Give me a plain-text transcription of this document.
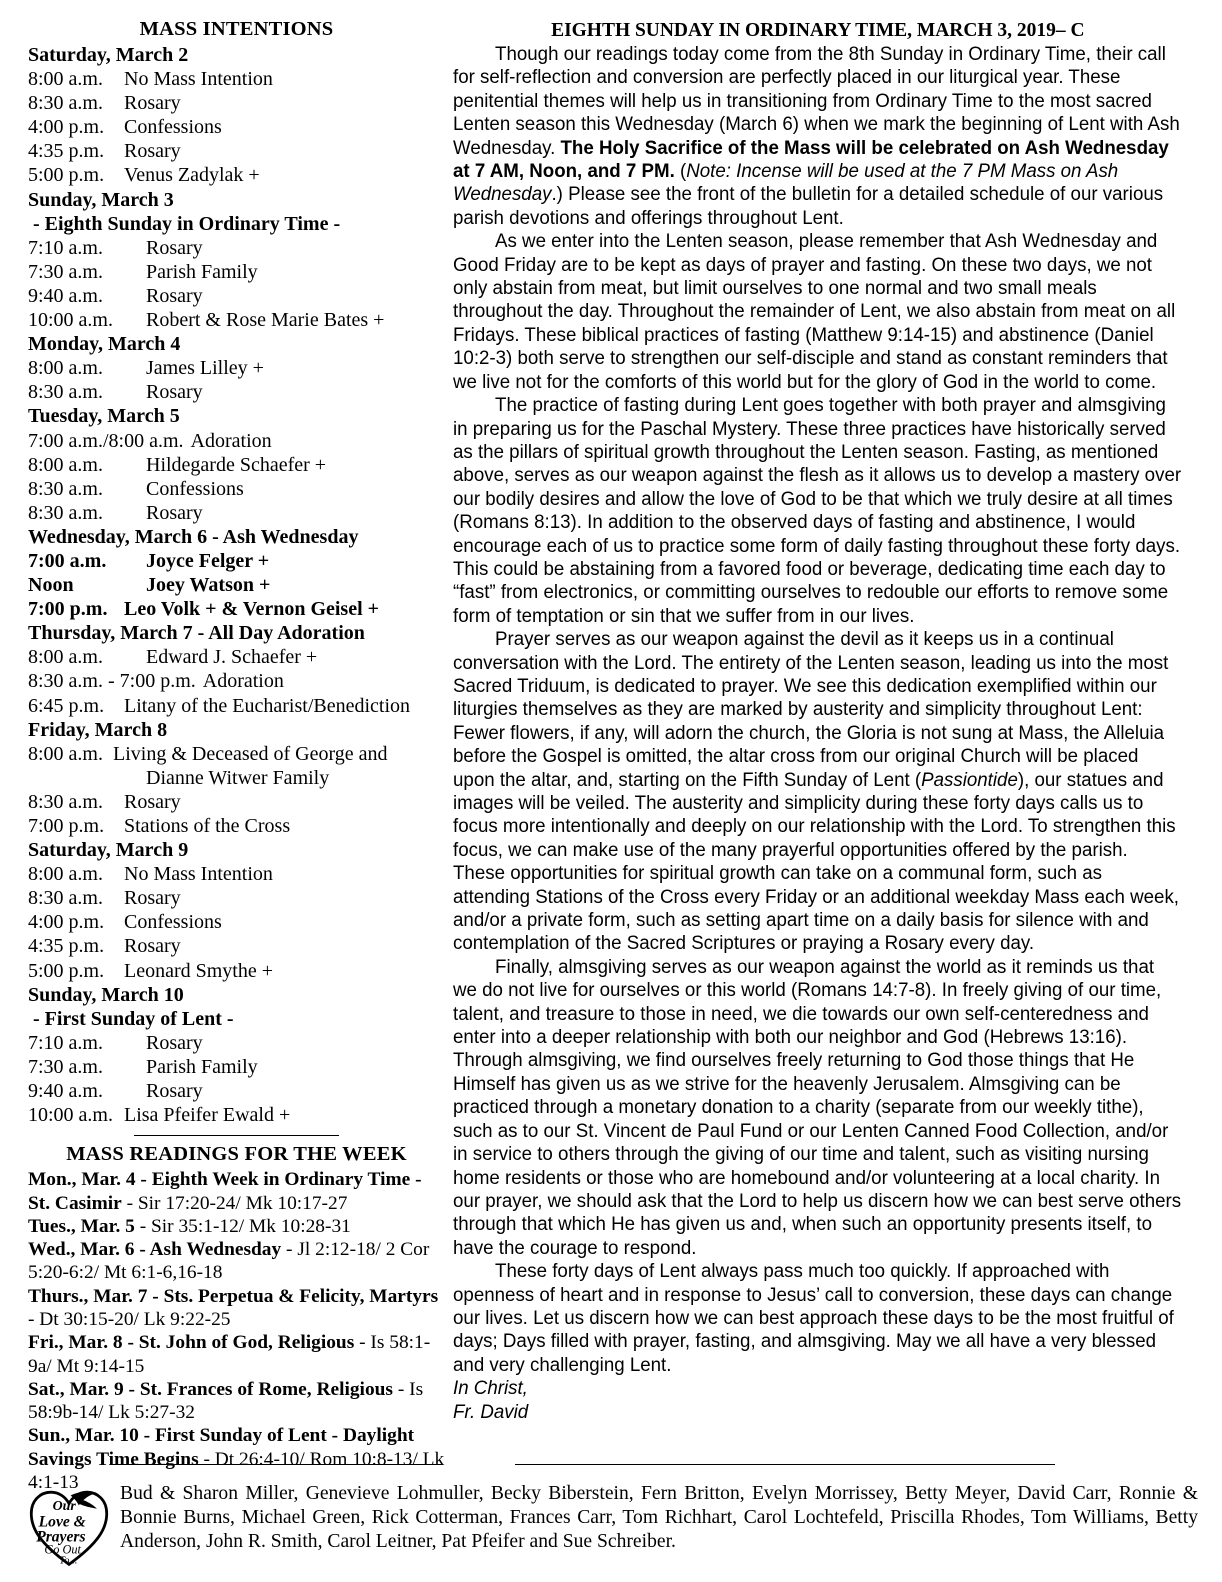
MASS INTENTIONS
Saturday, March 2
8:00 a.m.	No Mass Intention
8:30 a.m.	Rosary
4:00 p.m. Confessions
4:35 p.m. Rosary
5:00 p.m. Venus Zadylak +
Sunday, March 3
- Eighth Sunday in Ordinary Time -
7:10 a.m.	Rosary
7:30 a.m.	Parish Family
9:40 a.m.	Rosary
10:00 a.m.	Robert & Rose Marie Bates +
Monday, March 4
8:00 a.m.	James Lilley +
8:30 a.m.	Rosary
Tuesday, March 5
7:00 a.m./8:00 a.m. Adoration
8:00 a.m.	Hildegarde Schaefer +
8:30 a.m.	Confessions
8:30 a.m.	Rosary
Wednesday, March 6 - Ash Wednesday
7:00 a.m.	Joyce Felger +
Noon	Joey Watson +
7:00 p.m. Leo Volk + & Vernon Geisel +
Thursday, March 7 - All Day Adoration
8:00 a.m.	Edward J. Schaefer +
8:30 a.m. - 7:00 p.m. Adoration
6:45 p.m. Litany of the Eucharist/Benediction
Friday, March 8
8:00 a.m.  Living & Deceased of George and Dianne Witwer Family
8:30 a.m.	Rosary
7:00 p.m. Stations of the Cross
Saturday, March 9
8:00 a.m.	No Mass Intention
8:30 a.m.	Rosary
4:00 p.m. Confessions
4:35 p.m. Rosary
5:00 p.m. Leonard Smythe +
Sunday, March 10
- First Sunday of Lent -
7:10 a.m.	Rosary
7:30 a.m.	Parish Family
9:40 a.m.	Rosary
10:00 a.m. Lisa Pfeifer Ewald +
MASS READINGS FOR THE WEEK

Mon., Mar. 4 - Eighth Week in Ordinary Time - St. Casimir - Sir 17:20-24/ Mk 10:17-27

Tues., Mar. 5 - Sir 35:1-12/ Mk 10:28-31

Wed., Mar. 6 - Ash Wednesday - Jl 2:12-18/ 2 Cor 5:20-6:2/ Mt 6:1-6,16-18

Thurs., Mar. 7 - Sts. Perpetua & Felicity, Martyrs - Dt 30:15-20/ Lk 9:22-25

Fri., Mar. 8 - St. John of God, Religious - Is 58:1-9a/ Mt 9:14-15

Sat., Mar. 9 - St. Frances of Rome, Religious - Is 58:9b-14/ Lk 5:27-32

Sun., Mar. 10 - First Sunday of Lent - Daylight Savings Time Begins - Dt 26:4-10/ Rom 10:8-13/ Lk 4:1-13

EIGHTH SUNDAY IN ORDINARY TIME, MARCH 3, 2019– C

Though our readings today come from the 8th Sunday in Ordinary Time, their call for self-reflection and conversion are perfectly placed in our liturgical year. These penitential themes will help us in transitioning from Ordinary Time to the most sacred Lenten season this Wednesday (March 6) when we mark the beginning of Lent with Ash Wednesday. The Holy Sacrifice of the Mass will be celebrated on Ash Wednesday at 7 AM, Noon, and 7 PM. (Note: Incense will be used at the 7 PM Mass on Ash Wednesday.) Please see the front of the bulletin for a detailed schedule of our various parish devotions and offerings throughout Lent.

As we enter into the Lenten season, please remember that Ash Wednesday and Good Friday are to be kept as days of prayer and fasting. On these two days, we not only abstain from meat, but limit ourselves to one normal and two small meals throughout the day. Throughout the remainder of Lent, we also abstain from meat on all Fridays. These biblical practices of fasting (Matthew 9:14-15) and abstinence (Daniel 10:2-3) both serve to strengthen our self-disciple and stand as constant reminders that we live not for the comforts of this world but for the glory of God in the world to come.

The practice of fasting during Lent goes together with both prayer and almsgiving in preparing us for the Paschal Mystery. These three practices have historically served as the pillars of spiritual growth throughout the Lenten season. Fasting, as mentioned above, serves as our weapon against the flesh as it allows us to develop a mastery over our bodily desires and allow the love of God to be that which we truly desire at all times (Romans 8:13). In addition to the observed days of fasting and abstinence, I would encourage each of us to practice some form of daily fasting throughout these forty days. This could be abstaining from a favored food or beverage, dedicating time each day to “fast” from electronics, or committing ourselves to redouble our efforts to remove some form of temptation or sin that we suffer from in our lives.

Prayer serves as our weapon against the devil as it keeps us in a continual conversation with the Lord. The entirety of the Lenten season, leading us into the most Sacred Triduum, is dedicated to prayer. We see this dedication exemplified within our liturgies themselves as they are marked by austerity and simplicity throughout Lent: Fewer flowers, if any, will adorn the church, the Gloria is not sung at Mass, the Alleluia before the Gospel is omitted, the altar cross from our original Church will be placed upon the altar, and, starting on the Fifth Sunday of Lent (Passiontide), our statues and images will be veiled. The austerity and simplicity during these forty days calls us to focus more intentionally and deeply on our relationship with the Lord. To strengthen this focus, we can make use of the many prayerful opportunities offered by the parish. These opportunities for spiritual growth can take on a communal form, such as attending Stations of the Cross every Friday or an additional weekday Mass each week, and/or a private form, such as setting apart time on a daily basis for silence with and contemplation of the Sacred Scriptures or praying a Rosary every day.

Finally, almsgiving serves as our weapon against the world as it reminds us that we do not live for ourselves or this world (Romans 14:7-8). In freely giving of our time, talent, and treasure to those in need, we die towards our own self-centeredness and enter into a deeper relationship with both our neighbor and God (Hebrews 13:16). Through almsgiving, we find ourselves freely returning to God those things that He Himself has given us as we strive for the heavenly Jerusalem. Almsgiving can be practiced through a monetary donation to a charity (separate from our weekly tithe), such as to our St. Vincent de Paul Fund or our Lenten Canned Food Collection, and/or in service to others through the giving of our time and talent, such as visiting nursing home residents or those who are homebound and/or volunteering at a local charity. In our prayer, we should ask that the Lord to help us discern how we can best serve others through that which He has given us and, when such an opportunity presents itself, to have the courage to respond.

These forty days of Lent always pass much too quickly. If approached with openness of heart and in response to Jesus’ call to conversion, these days can change our lives. Let us discern how we can best approach these days to be the most fruitful of days; Days filled with prayer, fasting, and almsgiving. May we all have a very blessed and very challenging Lent.

In Christ,

Fr. David

Our
Love &
Prayers
Go Out
To...

Bud & Sharon Miller, Genevieve Lohmuller, Becky Biberstein, Fern Britton, Evelyn Morrissey, Betty Meyer, David Carr, Ronnie & Bonnie Burns, Michael Green, Rick Cotterman, Frances Carr, Tom Richhart, Carol Lochtefeld, Priscilla Rhodes, Tom Williams, Betty Anderson, John R. Smith, Carol Leitner, Pat Pfeifer and Sue Schreiber.
